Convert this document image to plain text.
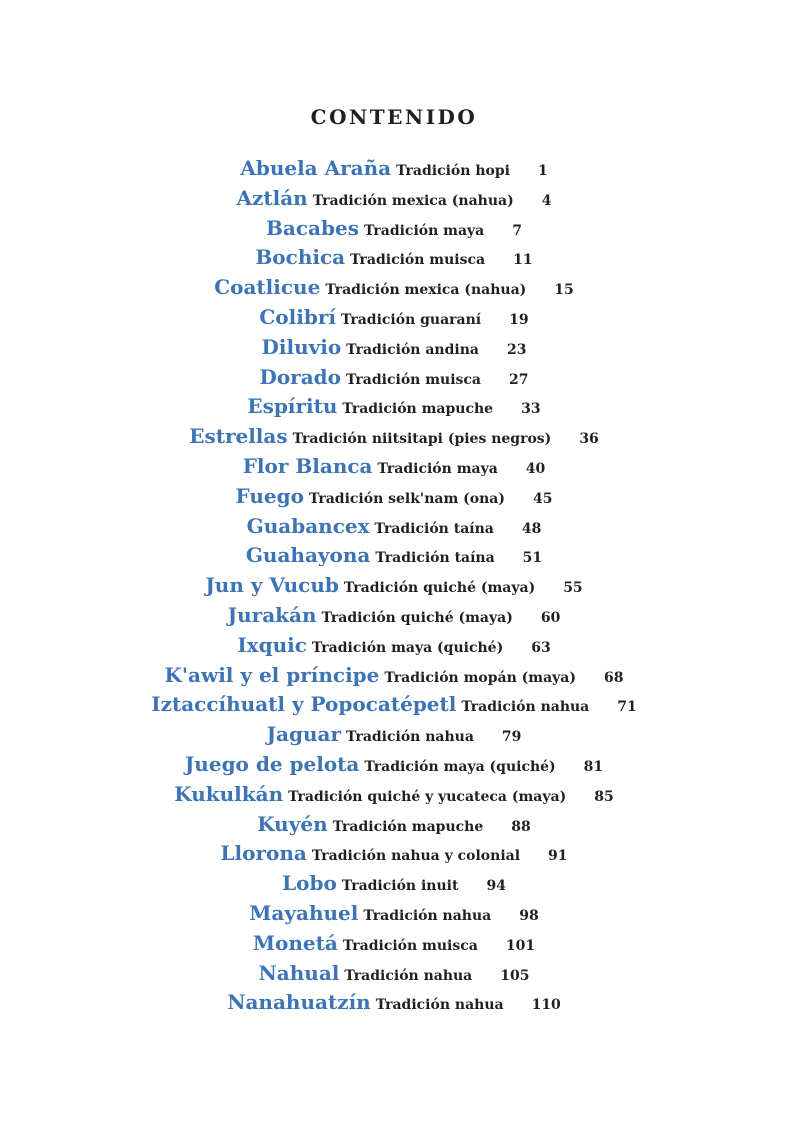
CONTENIDO
Abuela Araña Tradición hopi 1
Aztlán Tradición mexica (nahua) 4
Bacabes Tradición maya 7
Bochica Tradición muisca 11
Coatlicue Tradición mexica (nahua) 15
Colibrí Tradición guaraní 19
Diluvio Tradición andina 23
Dorado Tradición muisca 27
Espíritu Tradición mapuche 33
Estrellas Tradición niitsitapi (pies negros) 36
Flor Blanca Tradición maya 40
Fuego Tradición selk'nam (ona) 45
Guabancex Tradición taína 48
Guahayona Tradición taína 51
Jun y Vucub Tradición quiché (maya) 55
Jurakán Tradición quiché (maya) 60
Ixquic Tradición maya (quiché) 63
K'awil y el príncipe Tradición mopán (maya) 68
Iztaccíhuatl y Popocatépetl Tradición nahua 71
Jaguar Tradición nahua 79
Juego de pelota Tradición maya (quiché) 81
Kukulkán Tradición quiché y yucateca (maya) 85
Kuyén Tradición mapuche 88
Llorona Tradición nahua y colonial 91
Lobo Tradición inuit 94
Mayahuel Tradición nahua 98
Monetá Tradición muisca 101
Nahual Tradición nahua 105
Nanahuatzín Tradición nahua 110
